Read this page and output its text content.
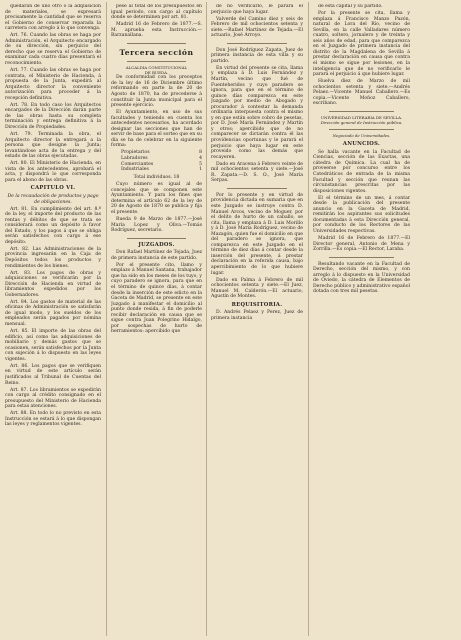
quedarán de uno otro ó la adquisición de materiales, se expresará precisamente la cantidad que se reserva el Gobierno de conservar reparada la carretera con arreglo á lo que convenga.

Art. 76. Cuando las obras se haga por Administración, el Arquitecto encargado de su dirección, sin perjuicio del derecho que se reserva el Gobierno de examinar cada cuatro dias presentará el reconocimiento.

Art. 77. Cuando las obras se haga por contrata, el Ministerio de Hacienda, á propuesta de la Junta, expedirá al Arquitecto director la conveniente autorización para proceder á la recepción definitiva.

Art. 78. En todo caso los Arquitectos encargados de la Dirección darán parte de las obras hasta su completa terminación y entrega definitiva á la Dirección de Propiedades.

Art. 79. Terminada la obra, el Arquitecto director la entregará a la persona que designe la Junta; levantándose acta de la entrega y del estado de las obras ejecutadas.

Art. 80. El Ministerio de Hacienda, en vista de los antecedentes, aprobará el acta, y dispondrá lo que corresponda para el abono de las obras.

CAPITULO VI.

De la recaudación de productos y pago de obligaciones.

Art. 81. En cumplimiento del art. 8.º de la ley, el importe del producto de las rentas y débitos de que se trata se considerará como un depósito á favor del Estado, y los pagos á que se obliga serán satisfechos con cargo á ese depósito.

Art. 82. Las Administraciones de la provincia ingresarán en la Caja de Depósitos todos los productos y rendimientos de los bienes.

Art. 83. Los pagos de obras y adquisiciones se verificarán por la Dirección de Hacienda en virtud de libramientos expedidos por los Gobernadores.

Art. 84. Los gastos de material de las oficinas de Administración se satisfarán de igual modo, y los sueldos de los empleados serán pagados por nómina mensual.

Art. 85. El importe de las obras del edificio, así como las adquisiciones de mobiliario y demás gastos que se ocasionen, serán satisfechos por la Junta con sujeción á lo dispuesto en las leyes vigentes.

Art. 86. Los pagos que se verifiquen en virtud de este artículo serán justificados al Tribunal de Cuentas del Reino.

Art. 87. Los libramientos se expedirán con cargo al crédito consignado en el presupuesto del Ministerio de Hacienda para estas atenciones.

Art. 88. En todo lo no previsto en esta Instrucción se estará á lo que dispongan las leyes y reglamentos vigentes.

pese al total de los presupuestos en igual periodo, con cargo al capítulo donde se determinen por art. 81.

Madrid 16 de Febrero de 1877.—S. M. aprueba esta Instrucción.—Barzanallana.

Tercera sección
ALCALDIA CONSTITUCIONAL
DE RUEDA.

De conformidad con los preceptos de la ley de 16 de Diciembre último reformando en parte la de 20 de Agosto de 1870, ha de procederse á constituir la Junta municipal para el presente ejercicio.

El Ayuntamiento, en uso de sus facultades y teniendo en cuenta los antecedentes necesarios, ha acordado designar las secciones que han de servir de base para el sorteo que en su día se ha de celebrar en la siguiente forma:

Propietarios	8
Labradores	4
Comerciantes	5
Industriales	1
Total individuos. 18

Cuyo número es igual al de concejales que se componen este Ayuntamiento. Y para los fines que determina el artículo 62 de la ley de 20 de Agosto de 1870 se publica y fija el presente.

Rueda 9 de Marzo de 1877.—José María Lopez y Oliva.—Tomás Rodríguez, secretario.

JUZGADOS.

Don Rafael Martínez de Tejada, Juez de primera instancia de este partido.

Por el presente cito, llamo y emplazo á Manuel Santana, trabajador que ha sido en los meses de los tuyo, y cuyo paradero se ignora, para que en el término de quince días, á contar desde la inserción de este edicto en la Gaceta de Madrid, se presente en este Juzgado á manifestar el domicilio al punto donde resida, á fin de poderle recibir declaración en causa que se sigue contra Juan Polegrino Hidalgo, por sospechas de hurto de herramientos: apercibido que

de no verificarlo, le parará el perjuicio que haya lugar.

Valverde del Camino diez y seis de Febrero de mil ochocientos setenta y siete.—Rafael Martínez de Tejada.—El actuario, José Arroyo.

Don José Rodríguez Zapata, Juez de primera instancia de esta villa y su partido.

En virtud del presente se cita, llama y emplaza á D. Luis Fernández y Martín, vecino que fué de Fuenteheridos y cuyo paradero se ignora, para que en el término de quince días comparezca en este Juzgado por medio de Abogado y procurador á contestar la demanda ordinaria interpuesta contra el mismo y en que están sobre cobro de pesetas, por D. José María Fernández y Martín y otros; apercibido que de no comparecer se dictarán contra él las providencias oportunas y le parará el perjuicio que haya lugar en este proveido como las demás que recayeren.

Dado en Aracena á Febrero veinte de mil ochocientos setenta y siete.—José R. Zapata.—D. S. O., José María Serpas.

Por lo presente y en virtud de providencia dictada en sumaria que en este Juzgado se instruye contra D. Manuel Arcos, vecino de Moguer, por el delito de hurto de un caballo, se cita, llama y emplaza á D. Luis Morillo y á D. José María Rodríguez, vecino de Mazagón, quien fue el domicilio en que del paradero se ignora, que comparezca en este Juzgado en el término de diez días á contar desde la inserción del presente, á prestar declaración en la referida causa, bajo apercibimiento de lo que hubiere lugar.

Dado en Palma á Febrero de mil ochocientos setenta y siete.—El Juez, Manuel M. Calderón.—El actuario, Agustín de Montes.

REQUISITORIA.

D. Andrés Pelaez y Perez, Juez de primera instancia

de esta capital y su partido.

Por la presente se cita, llama y emplaza á Francisco Manzo Pazón, natural de Lora del Río, vecino de Sevilla, en la calle Valladares número cuatro, soltero, jornalero y de treinta y seis años de edad, para que comparezca en el Juzgado de primera instancia del distrito de la Magdalena de Sevilla á prestar declaración en causa que contra el mismo se sigue por lesiones, en la inteligencia que de no verificarlo le parará el perjuicio á que hubiere lugar.

Huelva diez de Marzo de mil ochocientos setenta y siete.—Andrés Pelaez.—Vicente Manuel Caballero.—Es copia.—Vicente Moñoz Caballero, escribano.

UNIVERSIDAD LITERARIA DE SEVILLA.
Dirección general de Instrucción pública.
Negociado de Universidades.
ANUNCIOS.

Se halla vacante en la Facultad de Ciencias, sección de las Exactas, una cátedra de Química. La cual ha de proveerse por concurso entre los Catedráticos de entrada de la misma Facultad y sección que reunan las circunstancias prescritas por las disposiciones vigentes.

El el término de un mes, á contar desde la publicación del presente anuncio en la Gaceta de Madrid, remitirán los aspirantes sus solicitudes documentadas á esta Dirección general, por conducto de los Rectores de las Universidades respectivas.

Madrid 16 de Febrero de 1877.—El Director general, Antonio de Mena y Zorrilla.—Es copia.—El Rector, Laraba.

Resultando vacante en la Facultad de Derecho, sección del mismo, y con arreglo á lo dispuesto en la Universidad de Oviedo, la cátedra de Elementos de Derecho público y administrativo español dotada con tres mil pesetas.
